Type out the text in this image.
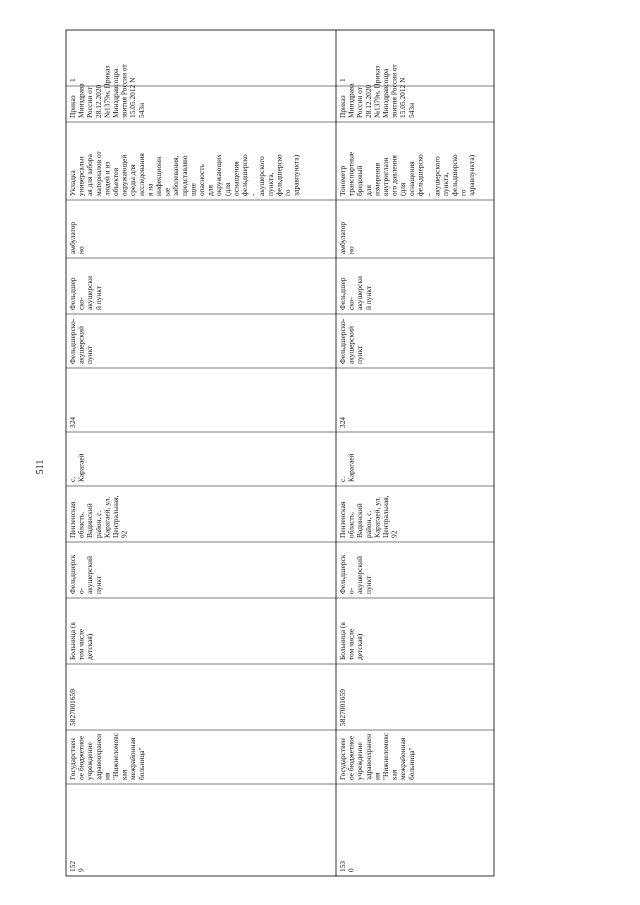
1529
Государственое бюджетноеучреждениездравоохранения"Нижнеломовскаямежрайоннаябольница"
5827001659
Больница (втом числедетская)
Фельдшерско-акушерскийпункт
Пензенскаяобласть,Вадинскийрайон, с.Карагаей, ул.Центральная,92
с.Карагаей
324
Фельдшерско-акушерскийпункт
Фельдшерско-акушерский пункт
амбулаторно
Укладкауниверсальная для забораматериалов отлюдей и изобъектовокружающейсреды дляисследованияя наинфекционныезаболевания,представляющиеопасностьдляокружающих(дляоснащенияфельдшерско-акушерскогопункта,фельдшерскогоздравпункта)
ПриказМинздраваРоссии от28.12.2020№1379н, ПриказМинздравсоцразвития России от15.05.2012 N543н
1
1530
Государственое бюджетноеучреждениездравоохранения"Нижнеломовскаямежрайоннаябольница"
5827001659
Больница (втом числедетская)
Фельдшерско-акушерскийпункт
Пензенскаяобласть,Вадинскийрайон, с.Карагаей, ул.Центральная,92
с.Карагаей
324
Фельдшерско-акушерскийпункт
Фельдшерско-акушерский пункт
амбулаторно
Тонометртранспортныебредовыйдляизмерениявнутриглазного давления(дляоснащенияфельдшерско-акушерскогопункта,фельдшерскогоздравпункта)
ПриказМинздраваРоссии от28.12.2020№1379н, ПриказМинздравсоцразвития России от15.05.2012 N543н
1
511
